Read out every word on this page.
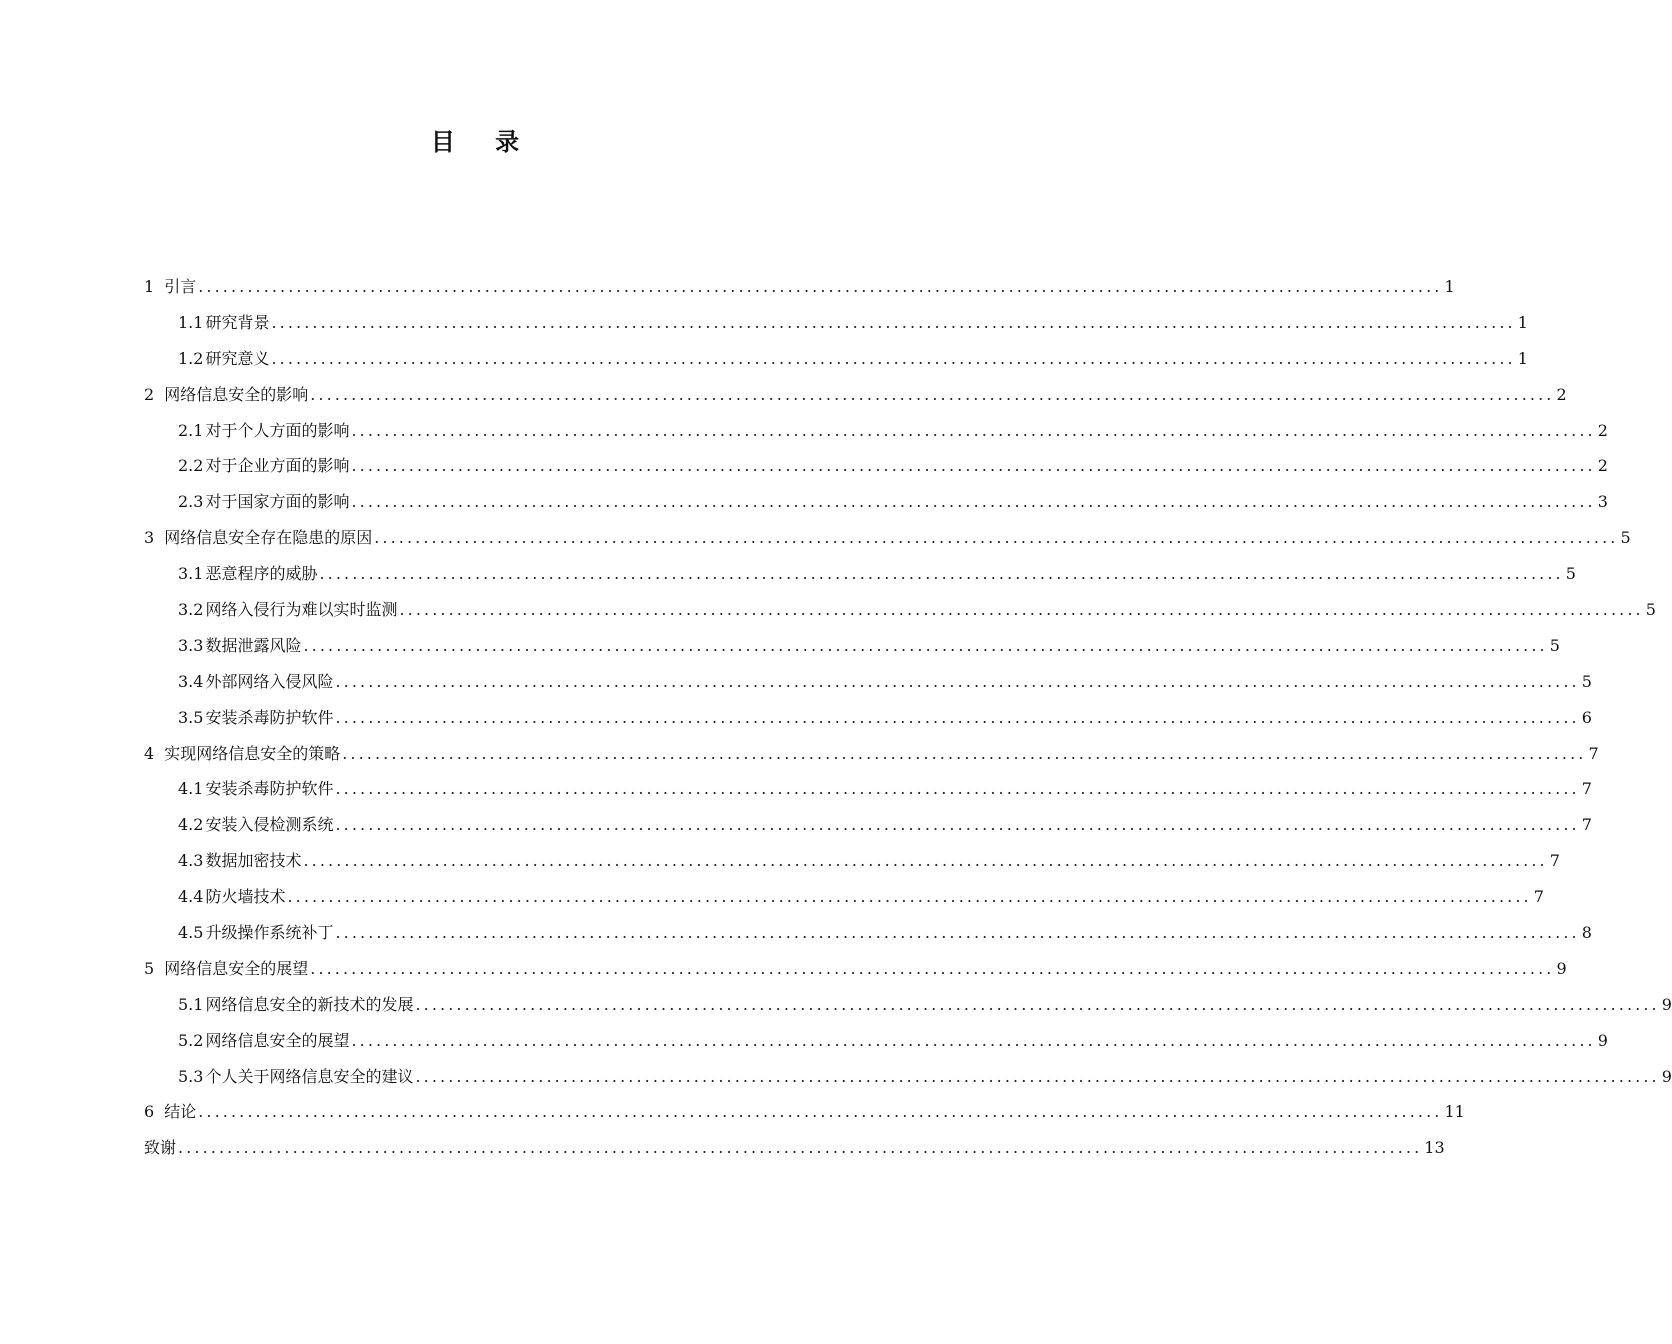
目 录
1 引言 ........................................................................................................................................................ 1
1.1 研究背景 ........................................................................................................................................................ 1
1.2 研究意义 ........................................................................................................................................................ 1
2 网络信息安全的影响 ........................................................................................................................................................ 2
2.1 对于个人方面的影响 ........................................................................................................................................................ 2
2.2 对于企业方面的影响 ........................................................................................................................................................ 2
2.3 对于国家方面的影响 ........................................................................................................................................................ 3
3 网络信息安全存在隐患的原因 ........................................................................................................................................................ 5
3.1 恶意程序的威胁 ........................................................................................................................................................ 5
3.2 网络入侵行为难以实时监测 ........................................................................................................................................................ 5
3.3 数据泄露风险 ........................................................................................................................................................ 5
3.4 外部网络入侵风险 ........................................................................................................................................................ 5
3.5 安装杀毒防护软件 ........................................................................................................................................................ 6
4 实现网络信息安全的策略 ........................................................................................................................................................ 7
4.1 安装杀毒防护软件 ........................................................................................................................................................ 7
4.2 安装入侵检测系统 ........................................................................................................................................................ 7
4.3 数据加密技术 ........................................................................................................................................................ 7
4.4 防火墙技术 ........................................................................................................................................................ 7
4.5 升级操作系统补丁 ........................................................................................................................................................ 8
5 网络信息安全的展望 ........................................................................................................................................................ 9
5.1 网络信息安全的新技术的发展 ........................................................................................................................................................ 9
5.2 网络信息安全的展望 ........................................................................................................................................................ 9
5.3 个人关于网络信息安全的建议 ........................................................................................................................................................ 9
6 结论 ........................................................................................................................................................ 11
致谢 ........................................................................................................................................................ 13
